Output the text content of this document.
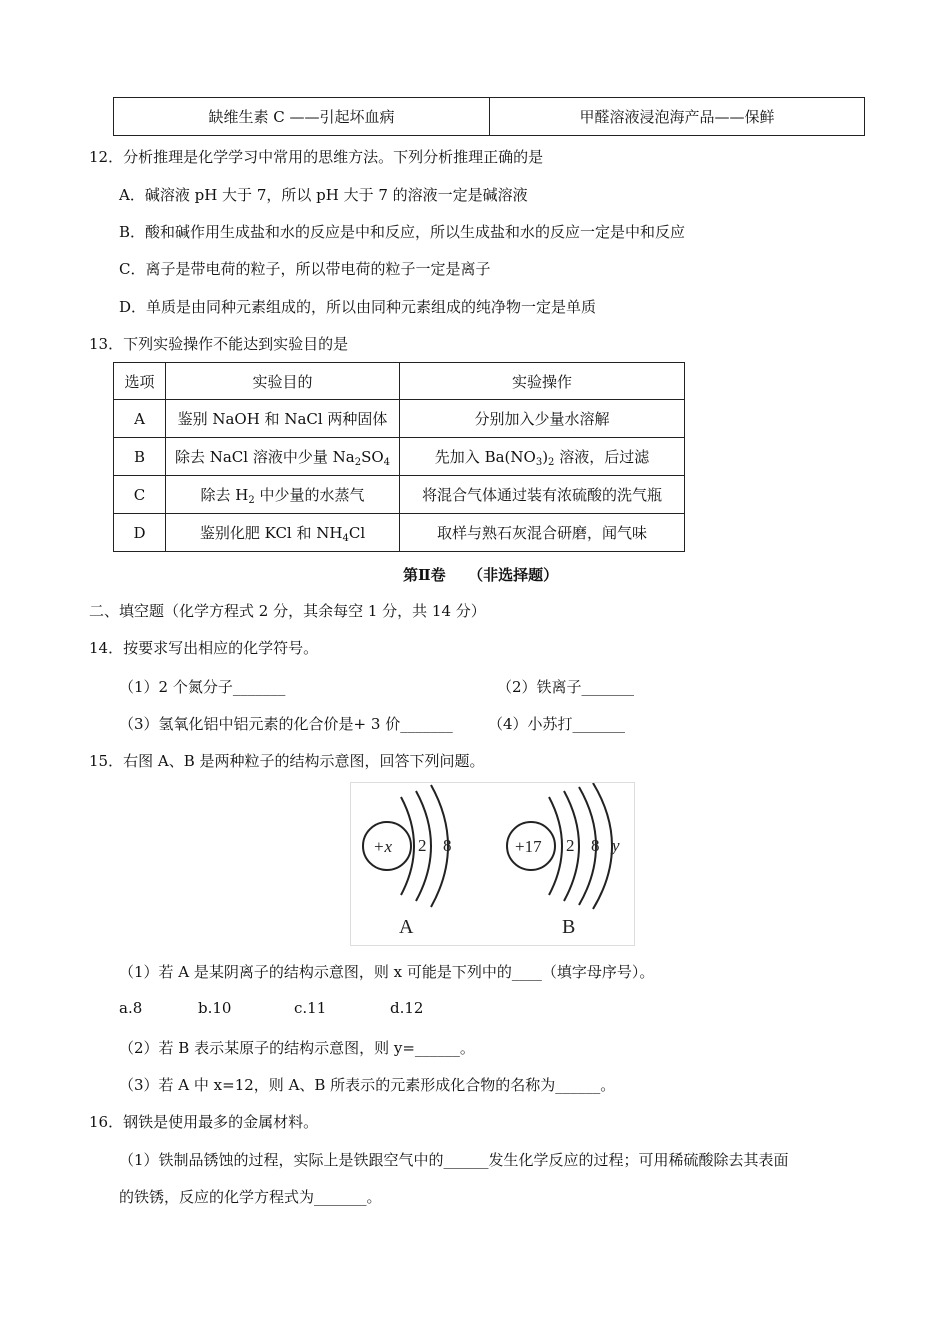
缺维生素 C ——引起坏血病	甲醛溶液浸泡海产品——保鲜
12．分析推理是化学学习中常用的思维方法。下列分析推理正确的是
A．碱溶液 pH 大于 7，所以 pH 大于 7 的溶液一定是碱溶液
B．酸和碱作用生成盐和水的反应是中和反应，所以生成盐和水的反应一定是中和反应
C．离子是带电荷的粒子，所以带电荷的粒子一定是离子
D．单质是由同种元素组成的，所以由同种元素组成的纯净物一定是单质
13．下列实验操作不能达到实验目的是
选项	实验目的	实验操作
A	鉴别 NaOH 和 NaCl 两种固体	分别加入少量水溶解
B	除去 NaCl 溶液中少量 $Na_2SO_4$	先加入 $Ba(NO_3)_2$ 溶液，后过滤
C	除去 $H_2$ 中少量的水蒸气	将混合气体通过装有浓硫酸的洗气瓶
D	鉴别化肥 KCl 和 $NH_4Cl$	取样与熟石灰混合研磨，闻气味
第Ⅱ卷　　（非选择题）
二、填空题（化学方程式 2 分，其余每空 1 分，共 14 分）
14．按要求写出相应的化学符号。
（1）2 个氮分子_______	（2）铁离子_______
（3）氢氧化铝中铝元素的化合价是+ 3 价_______ （4）小苏打_______
15．右图 A、B 是两种粒子的结构示意图，回答下列问题。
+x 2 8
A
+17 2 8 y
B
（1）若 A 是某阴离子的结构示意图，则 x 可能是下列中的____（填字母序号）。
a.8	b.10	c.11	d.12
（2）若 B 表示某原子的结构示意图，则 y=______。
（3）若 A 中 x=12，则 A、B 所表示的元素形成化合物的名称为______。
16．钢铁是使用最多的金属材料。
（1）铁制品锈蚀的过程，实际上是铁跟空气中的______发生化学反应的过程；可用稀硫酸除去其表面
的铁锈，反应的化学方程式为_______。
